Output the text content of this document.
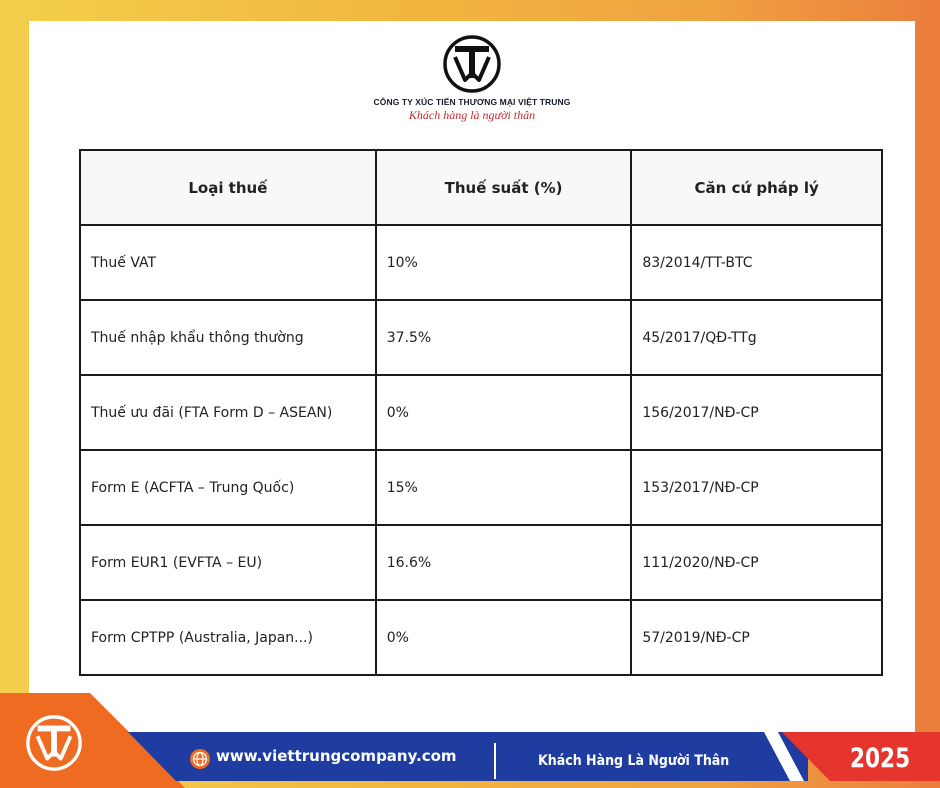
CÔNG TY XÚC TIẾN THƯƠNG MẠI VIỆT TRUNG
Khách hàng là người thân
Loại thuế	Thuế suất (%)	Căn cứ pháp lý
Thuế VAT	10%	83/2014/TT-BTC
Thuế nhập khẩu thông thường	37.5%	45/2017/QĐ-TTg
Thuế ưu đãi (FTA Form D – ASEAN)	0%	156/2017/NĐ-CP
Form E (ACFTA – Trung Quốc)	15%	153/2017/NĐ-CP
Form EUR1 (EVFTA – EU)	16.6%	111/2020/NĐ-CP
Form CPTPP (Australia, Japan...)	0%	57/2019/NĐ-CP
www.viettrungcompany.com	Khách Hàng Là Người Thân	2025
